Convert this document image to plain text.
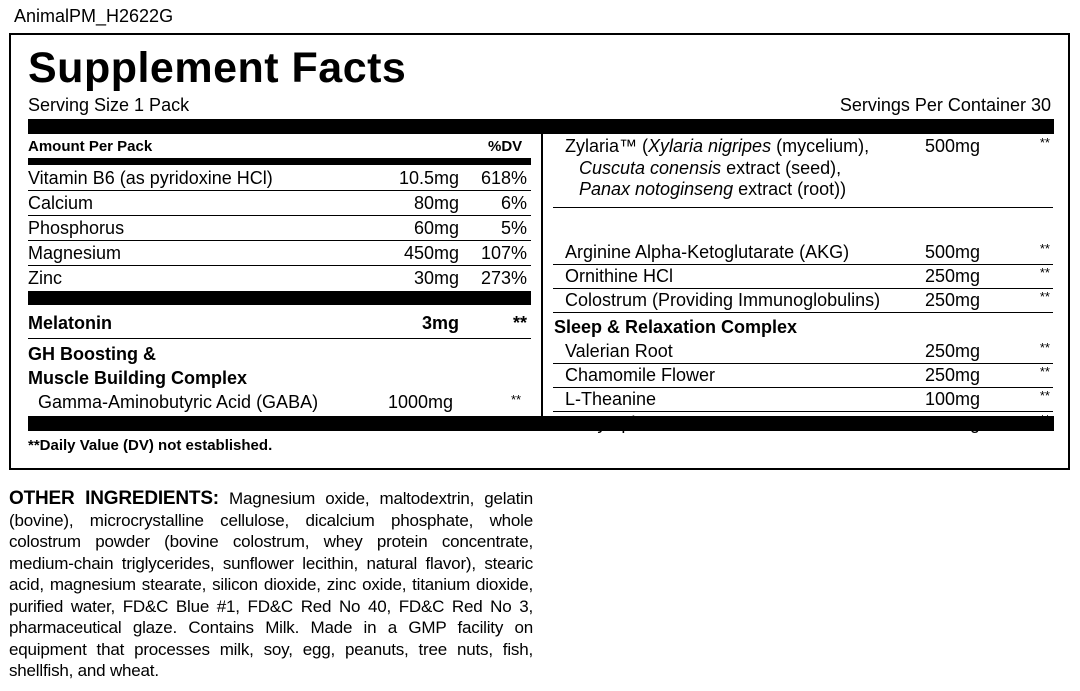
AnimalPM_H2622G
Supplement Facts
Serving Size 1 Pack	Servings Per Container 30
Amount Per Pack	%DV
Vitamin B6 (as pyridoxine HCl)	10.5mg 618%
Calcium	80mg 6%
Phosphorus	60mg 5%
Magnesium	450mg 107%
Zinc	30mg 273%
Melatonin	3mg	**
GH Boosting &
Muscle Building Complex
Gamma-Aminobutyric Acid (GABA)	1000mg	**
Zylaria™ (Xylaria nigripes (mycelium),
Cuscuta conensis extract (seed),
Panax notoginseng extract (root))
500mg	**
Arginine Alpha-Ketoglutarate (AKG)	500mg	**
Ornithine HCl	250mg	**
Colostrum (Providing Immunoglobulins) 250mg	**
Sleep & Relaxation Complex
Valerian Root	250mg	**
Chamomile Flower	250mg	**
L-Theanine	100mg	**
**Daily Value (DV) not established.
OTHER INGREDIENTS: Magnesium oxide, maltodextrin, gelatin (bovine), microcrystalline cellulose, dicalcium phosphate, whole colostrum powder (bovine colostrum, whey protein concentrate, medium-chain triglycerides, sunflower lecithin, natural flavor), stearic acid, magnesium stearate, silicon dioxide, zinc oxide, titanium dioxide, purified water, FD&C Blue #1, FD&C Red No 40, FD&C Red No 3, pharmaceutical glaze. Contains Milk. Made in a GMP facility on equipment that processes milk, soy, egg, peanuts, tree nuts, fish, shellfish, and wheat.
